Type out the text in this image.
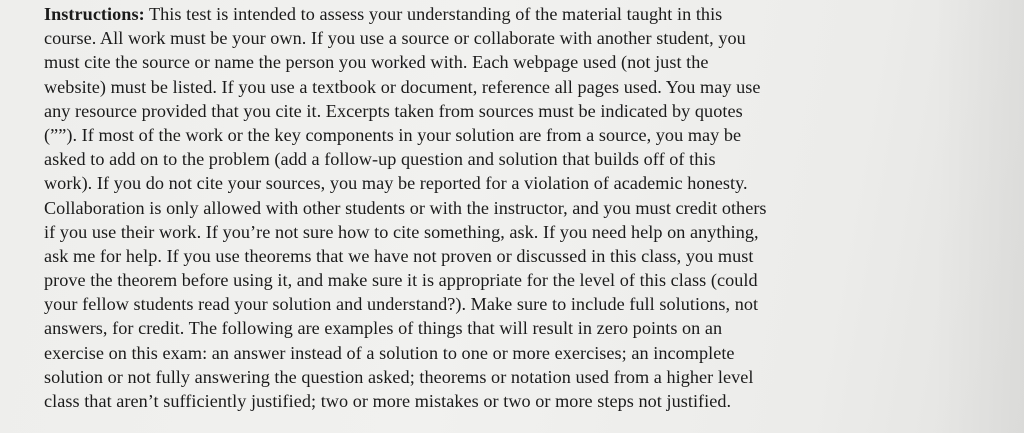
Instructions: This test is intended to assess your understanding of the material taught in this
course. All work must be your own. If you use a source or collaborate with another student, you
must cite the source or name the person you worked with. Each webpage used (not just the
website) must be listed. If you use a textbook or document, reference all pages used. You may use
any resource provided that you cite it. Excerpts taken from sources must be indicated by quotes
(””). If most of the work or the key components in your solution are from a source, you may be
asked to add on to the problem (add a follow-up question and solution that builds off of this
work). If you do not cite your sources, you may be reported for a violation of academic honesty.
Collaboration is only allowed with other students or with the instructor, and you must credit others
if you use their work. If you’re not sure how to cite something, ask. If you need help on anything,
ask me for help. If you use theorems that we have not proven or discussed in this class, you must
prove the theorem before using it, and make sure it is appropriate for the level of this class (could
your fellow students read your solution and understand?). Make sure to include full solutions, not
answers, for credit. The following are examples of things that will result in zero points on an
exercise on this exam: an answer instead of a solution to one or more exercises; an incomplete
solution or not fully answering the question asked; theorems or notation used from a higher level
class that aren’t sufficiently justified; two or more mistakes or two or more steps not justified.
